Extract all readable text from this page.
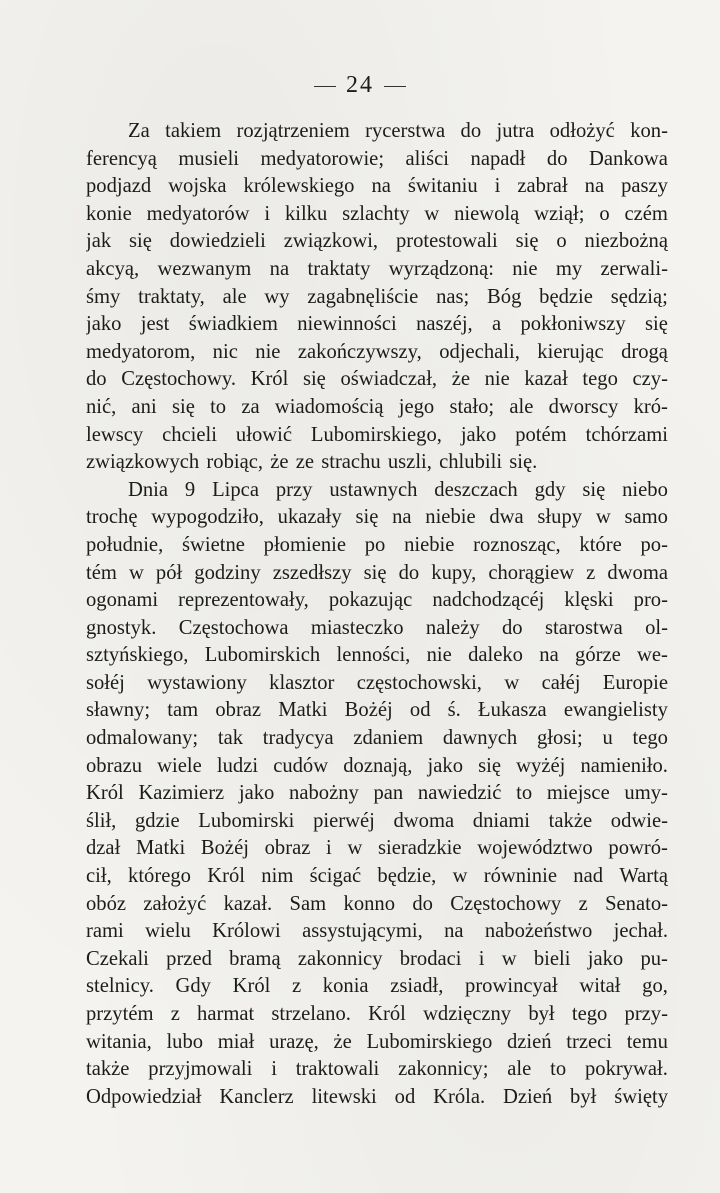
24
Za takiem rozjątrzeniem rycerstwa do jutra odłożyć kon-
ferencyą musieli medyatorowie; aliści napadł do Dankowa
podjazd wojska królewskiego na świtaniu i zabrał na paszy
konie medyatorów i kilku szlachty w niewolą wziął; o czém
jak się dowiedzieli związkowi, protestowali się o niezbożną
akcyą, wezwanym na traktaty wyrządzoną: nie my zerwali-
śmy traktaty, ale wy zagabnęliście nas; Bóg będzie sędzią;
jako jest świadkiem niewinności naszéj, a pokłoniwszy się
medyatorom, nic nie zakończywszy, odjechali, kierując drogą
do Częstochowy. Król się oświadczał, że nie kazał tego czy-
nić, ani się to za wiadomością jego stało; ale dworscy kró-
lewscy chcieli ułowić Lubomirskiego, jako potém tchórzami
związkowych robiąc, że ze strachu uszli, chlubili się.
Dnia 9 Lipca przy ustawnych deszczach gdy się niebo
trochę wypogodziło, ukazały się na niebie dwa słupy w samo
południe, świetne płomienie po niebie roznosząc, które po-
tém w pół godziny zszedłszy się do kupy, chorągiew z dwoma
ogonami reprezentowały, pokazując nadchodzącéj klęski pro-
gnostyk. Częstochowa miasteczko należy do starostwa ol-
sztyńskiego, Lubomirskich lenności, nie daleko na górze we-
sołéj wystawiony klasztor częstochowski, w całéj Europie
sławny; tam obraz Matki Bożéj od ś. Łukasza ewangielisty
odmalowany; tak tradycya zdaniem dawnych głosi; u tego
obrazu wiele ludzi cudów doznają, jako się wyżéj namieniło.
Król Kazimierz jako nabożny pan nawiedzić to miejsce umy-
ślił, gdzie Lubomirski pierwéj dwoma dniami także odwie-
dzał Matki Bożéj obraz i w sieradzkie województwo powró-
cił, którego Król nim ścigać będzie, w równinie nad Wartą
obóz założyć kazał. Sam konno do Częstochowy z Senato-
rami wielu Królowi assystującymi, na nabożeństwo jechał.
Czekali przed bramą zakonnicy brodaci i w bieli jako pu-
stelnicy. Gdy Król z konia zsiadł, prowincyał witał go,
przytém z harmat strzelano. Król wdzięczny był tego przy-
witania, lubo miał urazę, że Lubomirskiego dzień trzeci temu
także przyjmowali i traktowali zakonnicy; ale to pokrywał.
Odpowiedział Kanclerz litewski od Króla. Dzień był święty
